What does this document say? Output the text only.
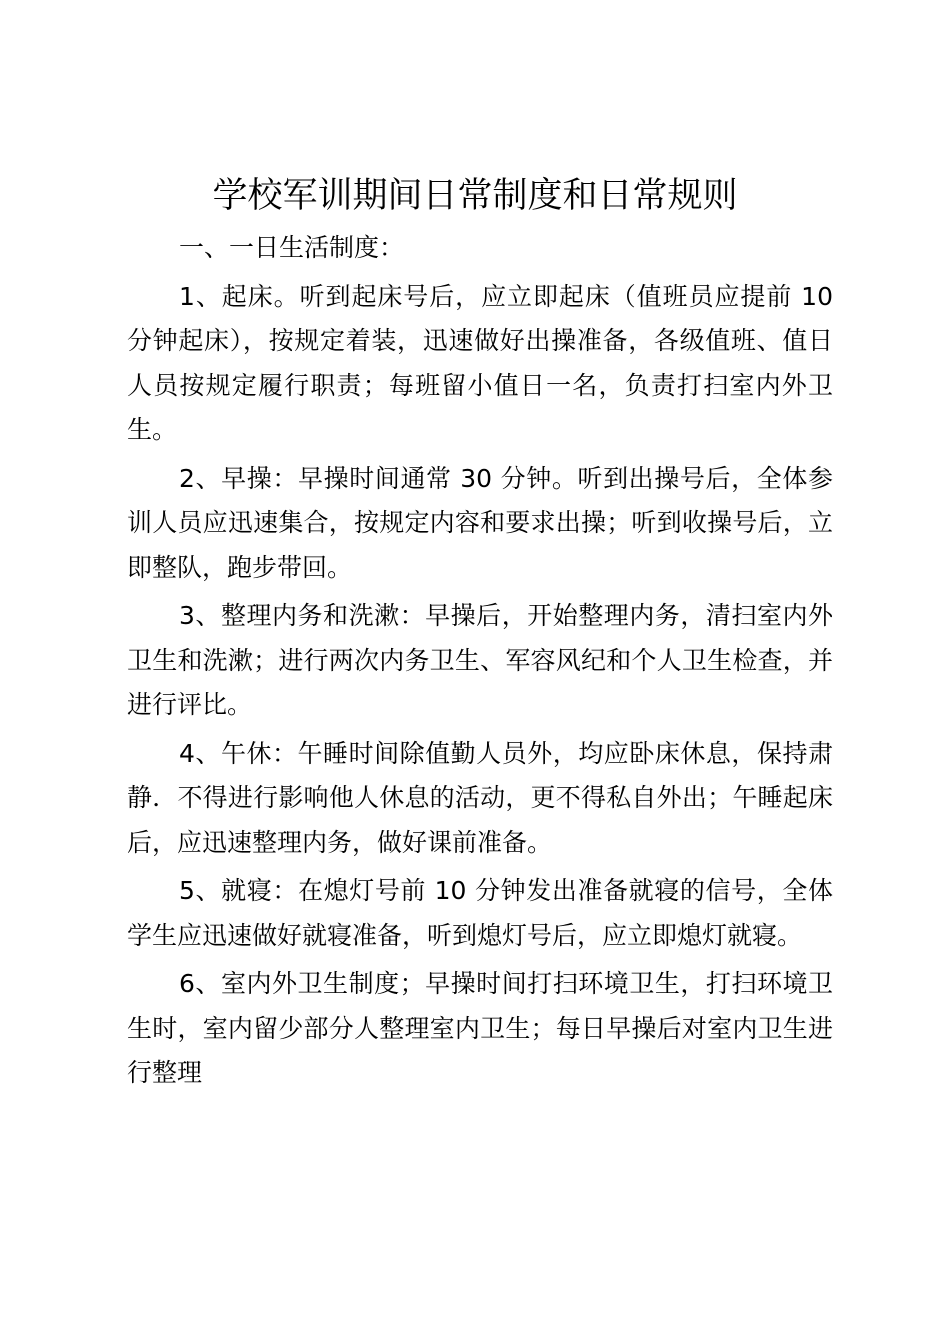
学校军训期间日常制度和日常规则

一、一日生活制度：

1、起床。听到起床号后，应立即起床（值班员应提前 10分钟起床），按规定着装，迅速做好出操准备，各级值班、值日人员按规定履行职责；每班留小值日一名，负责打扫室内外卫生。

2、早操：早操时间通常 30 分钟。听到出操号后，全体参训人员应迅速集合，按规定内容和要求出操；听到收操号后，立即整队，跑步带回。

3、整理内务和洗漱：早操后，开始整理内务，清扫室内外卫生和洗漱；进行两次内务卫生、军容风纪和个人卫生检查，并进行评比。

4、午休：午睡时间除值勤人员外，均应卧床休息，保持肃静．不得进行影响他人休息的活动，更不得私自外出；午睡起床后，应迅速整理内务，做好课前准备。

5、就寝：在熄灯号前 10 分钟发出准备就寝的信号，全体学生应迅速做好就寝准备，听到熄灯号后，应立即熄灯就寝。

6、室内外卫生制度；早操时间打扫环境卫生，打扫环境卫生时，室内留少部分人整理室内卫生；每日早操后对室内卫生进行整理
